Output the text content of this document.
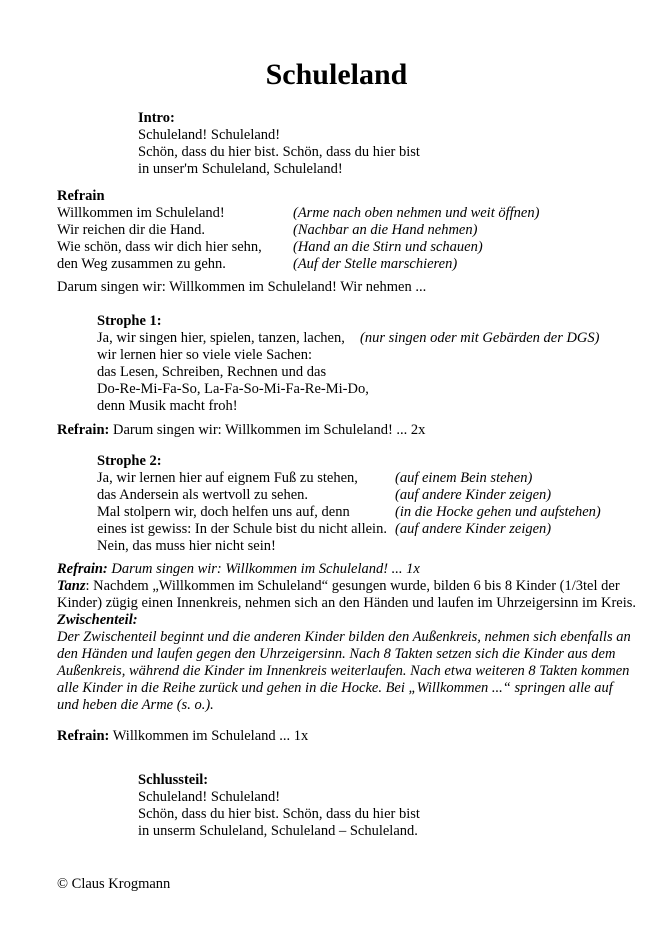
Schuleland
Intro:
Schuleland! Schuleland!
Schön, dass du hier bist. Schön, dass du hier bist
in unser'm Schuleland, Schuleland!
Refrain
Willkommen im Schuleland!	(Arme nach oben nehmen und weit öffnen)
Wir reichen dir die Hand.	(Nachbar an die Hand nehmen)
Wie schön, dass wir dich hier sehn,	(Hand an die Stirn und schauen)
den Weg zusammen zu gehn.	(Auf der Stelle marschieren)
Darum singen wir: Willkommen im Schuleland! Wir nehmen ...
Strophe 1:
Ja, wir singen hier, spielen, tanzen, lachen,	(nur singen oder mit Gebärden der DGS)
wir lernen hier so viele viele Sachen:
das Lesen, Schreiben, Rechnen und das
Do-Re-Mi-Fa-So, La-Fa-So-Mi-Fa-Re-Mi-Do,
denn Musik macht froh!
Refrain: Darum singen wir: Willkommen im Schuleland! ... 2x
Strophe 2:
Ja, wir lernen hier auf eignem Fuß zu stehen,	(auf einem Bein stehen)
das Andersein als wertvoll zu sehen.	(auf andere Kinder zeigen)
Mal stolpern wir, doch helfen uns auf, denn	(in die Hocke gehen und aufstehen)
eines ist gewiss: In der Schule bist du nicht allein. (auf andere Kinder zeigen)
Nein, das muss hier nicht sein!
Refrain: Darum singen wir: Willkommen im Schuleland! ... 1x
Tanz: Nachdem „Willkommen im Schuleland“ gesungen wurde, bilden 6 bis 8 Kinder (1/3tel der
Kinder) zügig einen Innenkreis, nehmen sich an den Händen und laufen im Uhrzeigersinn im Kreis.
Zwischenteil:
Der Zwischenteil beginnt und die anderen Kinder bilden den Außenkreis, nehmen sich ebenfalls an
den Händen und laufen gegen den Uhrzeigersinn. Nach 8 Takten setzen sich die Kinder aus dem
Außenkreis, während die Kinder im Innenkreis weiterlaufen. Nach etwa weiteren 8 Takten kommen
alle Kinder in die Reihe zurück und gehen in die Hocke. Bei „Willkommen ...“ springen alle auf
und heben die Arme (s. o.).
Refrain: Willkommen im Schuleland ... 1x
Schlussteil:
Schuleland! Schuleland!
Schön, dass du hier bist. Schön, dass du hier bist
in unserm Schuleland, Schuleland – Schuleland.
© Claus Krogmann
